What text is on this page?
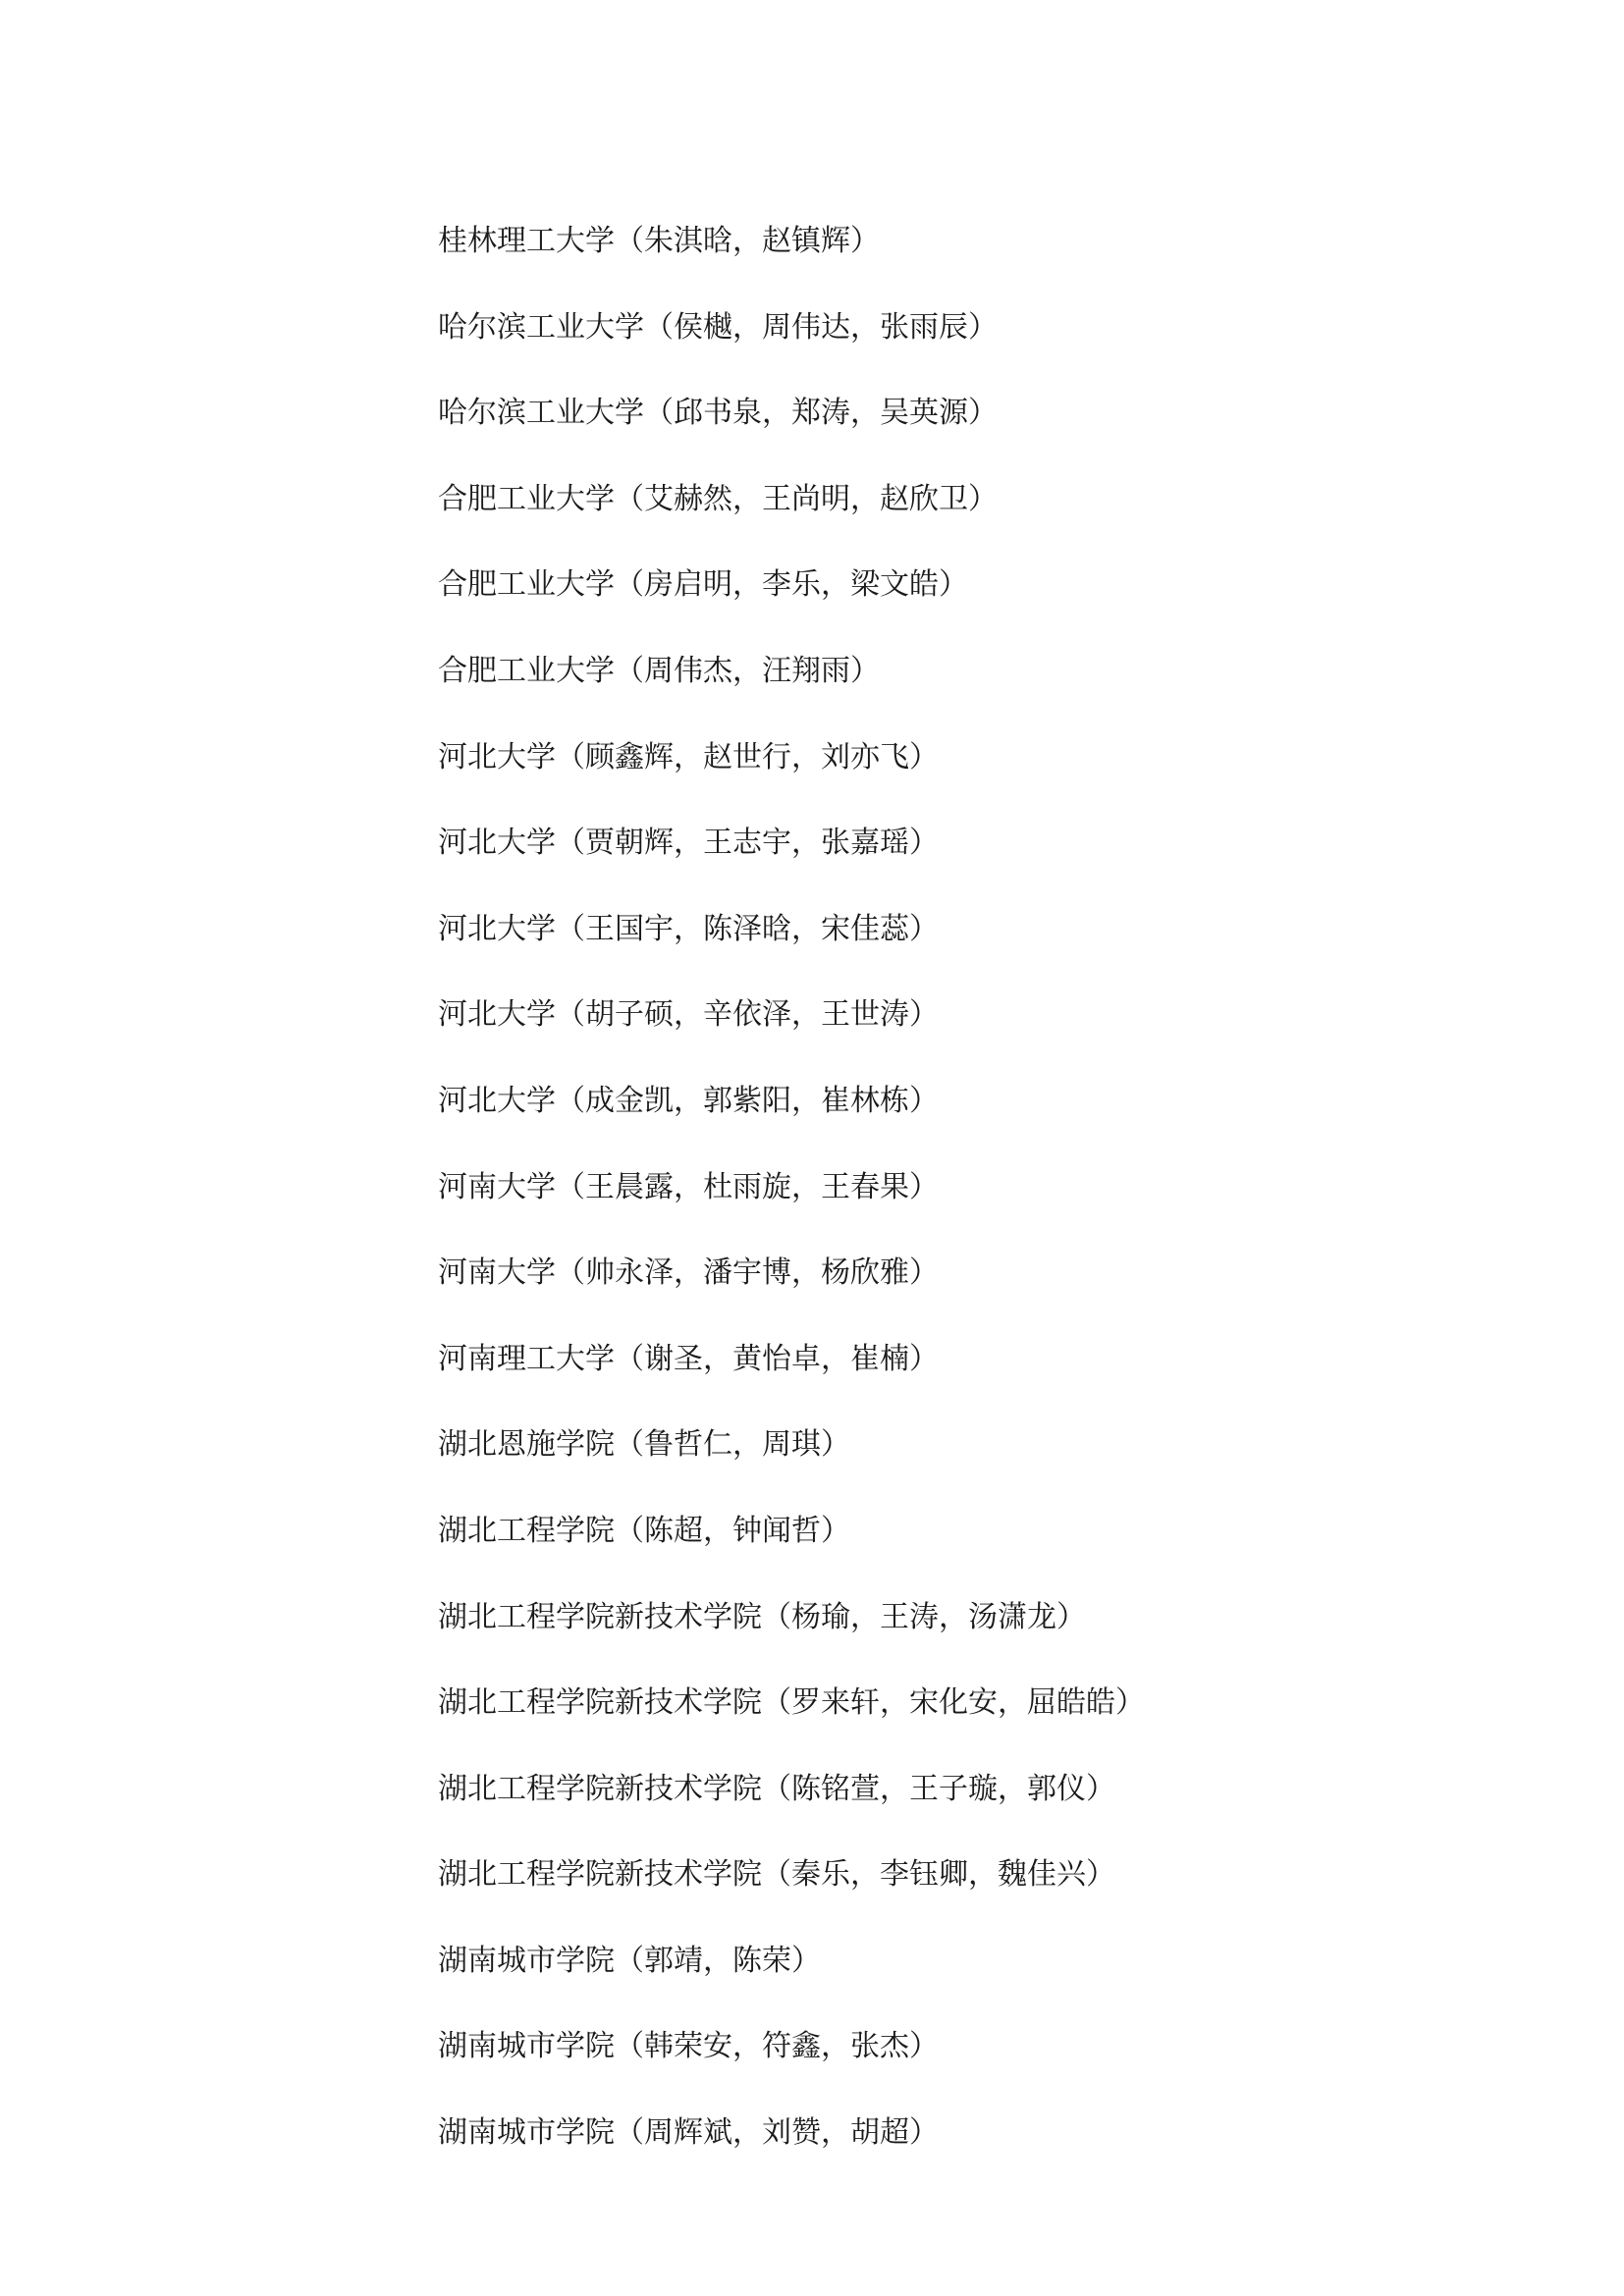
桂林理工大学（朱淇晗，赵镇辉）
哈尔滨工业大学（侯樾，周伟达，张雨辰）
哈尔滨工业大学（邱书泉，郑涛，吴英源）
合肥工业大学（艾赫然，王尚明，赵欣卫）
合肥工业大学（房启明，李乐，梁文皓）
合肥工业大学（周伟杰，汪翔雨）
河北大学（顾鑫辉，赵世行，刘亦飞）
河北大学（贾朝辉，王志宇，张嘉瑶）
河北大学（王国宇，陈泽晗，宋佳蕊）
河北大学（胡子硕，辛依泽，王世涛）
河北大学（成金凯，郭紫阳，崔林栋）
河南大学（王晨露，杜雨旋，王春果）
河南大学（帅永泽，潘宇博，杨欣雅）
河南理工大学（谢圣，黄怡卓，崔楠）
湖北恩施学院（鲁哲仁，周琪）
湖北工程学院（陈超，钟闻哲）
湖北工程学院新技术学院（杨瑜，王涛，汤潇龙）
湖北工程学院新技术学院（罗来轩，宋化安，屈皓皓）
湖北工程学院新技术学院（陈铭萱，王子璇，郭仪）
湖北工程学院新技术学院（秦乐，李钰卿，魏佳兴）
湖南城市学院（郭靖，陈荣）
湖南城市学院（韩荣安，符鑫，张杰）
湖南城市学院（周辉斌，刘赞，胡超）
